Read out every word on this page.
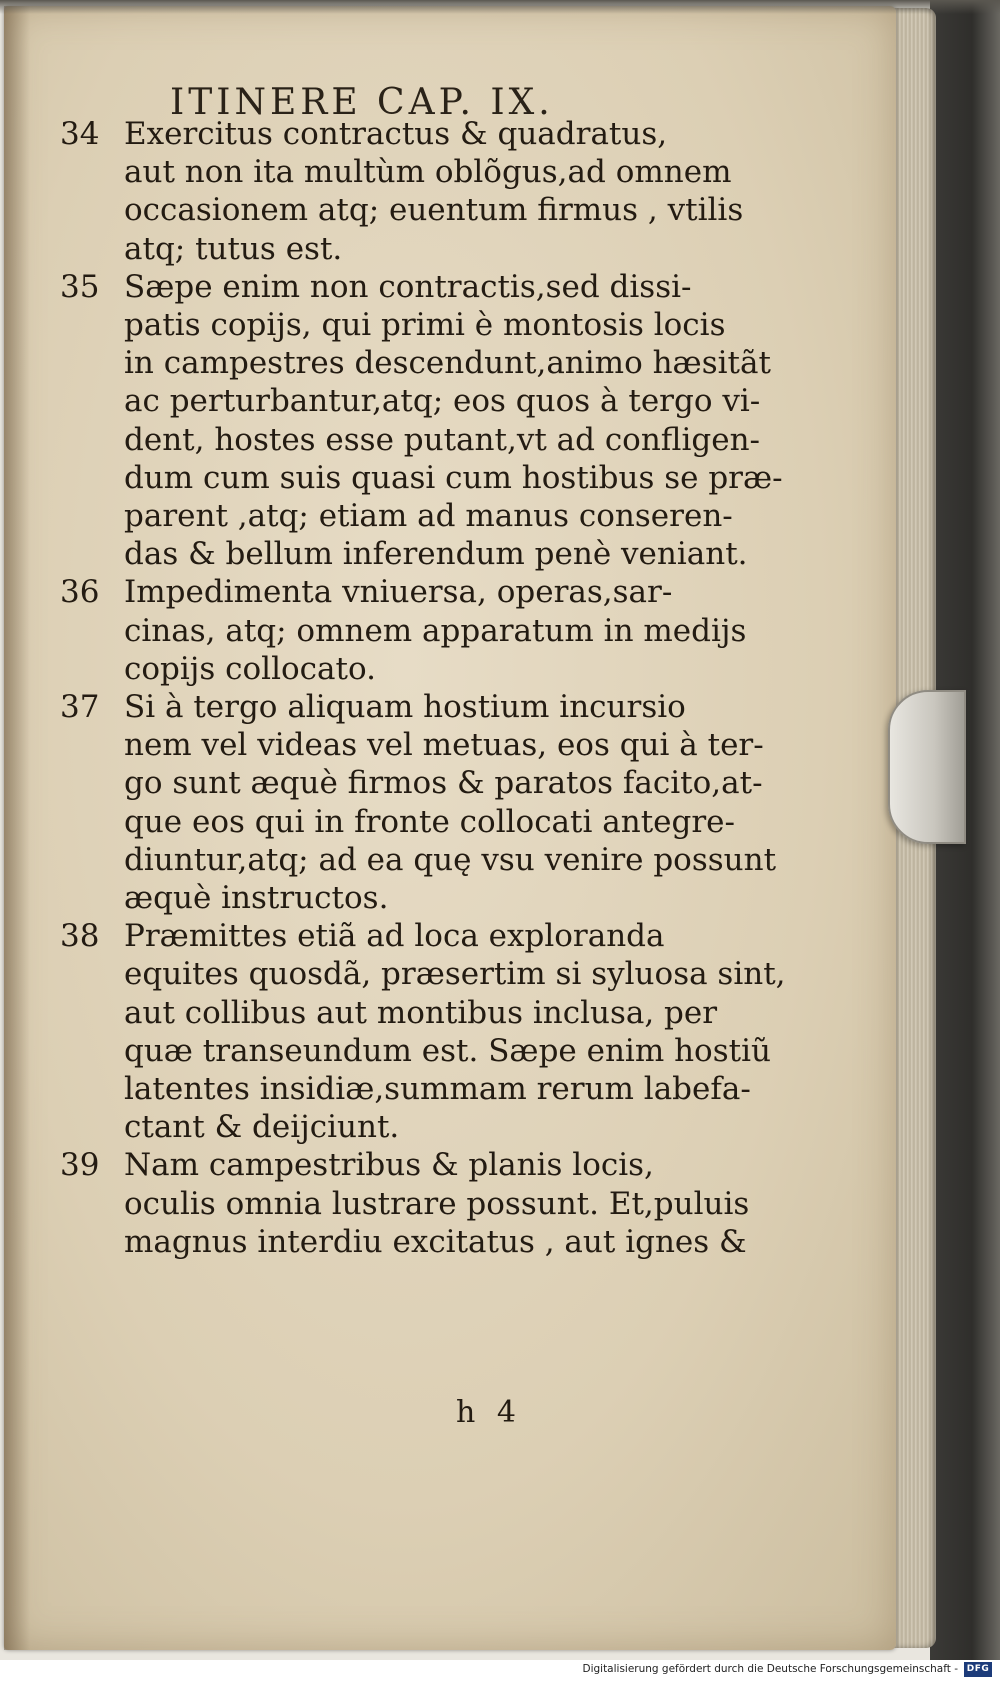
ITINERE CAP. IX.
34 Exercitus contractus & quadratus,
aut non ita multùm oblõgus,ad omnem
occasionem atq; euentum firmus , vtilis
atq; tutus est.
35 Sæpe enim non contractis,sed dissi-
patis copijs, qui primi è montosis locis
in campestres descendunt,animo hæsitãt
ac perturbantur,atq; eos quos à tergo vi-
dent, hostes esse putant,vt ad confligen-
dum cum suis quasi cum hostibus se præ-
parent ,atq; etiam ad manus conseren-
das & bellum inferendum penè veniant.
36 Impedimenta vniuersa, operas,sar-
cinas, atq; omnem apparatum in medijs
copijs collocato.
37 Si à tergo aliquam hostium incursio
nem vel videas vel metuas, eos qui à ter-
go sunt æquè firmos & paratos facito,at-
que eos qui in fronte collocati antegre-
diuntur,atq; ad ea quę vsu venire possunt
æquè instructos.
38 Præmittes etiã ad loca exploranda
equites quosdã, præsertim si syluosa sint,
aut collibus aut montibus inclusa, per
quæ transeundum est. Sæpe enim hostiũ
latentes insidiæ,summam rerum labefa-
ctant & deijciunt.
39 Nam campestribus & planis locis,
oculis omnia lustrare possunt. Et,puluis
magnus interdiu excitatus , aut ignes &
h 4
Digitalisierung gefördert durch die Deutsche Forschungsgemeinschaft - DFG
